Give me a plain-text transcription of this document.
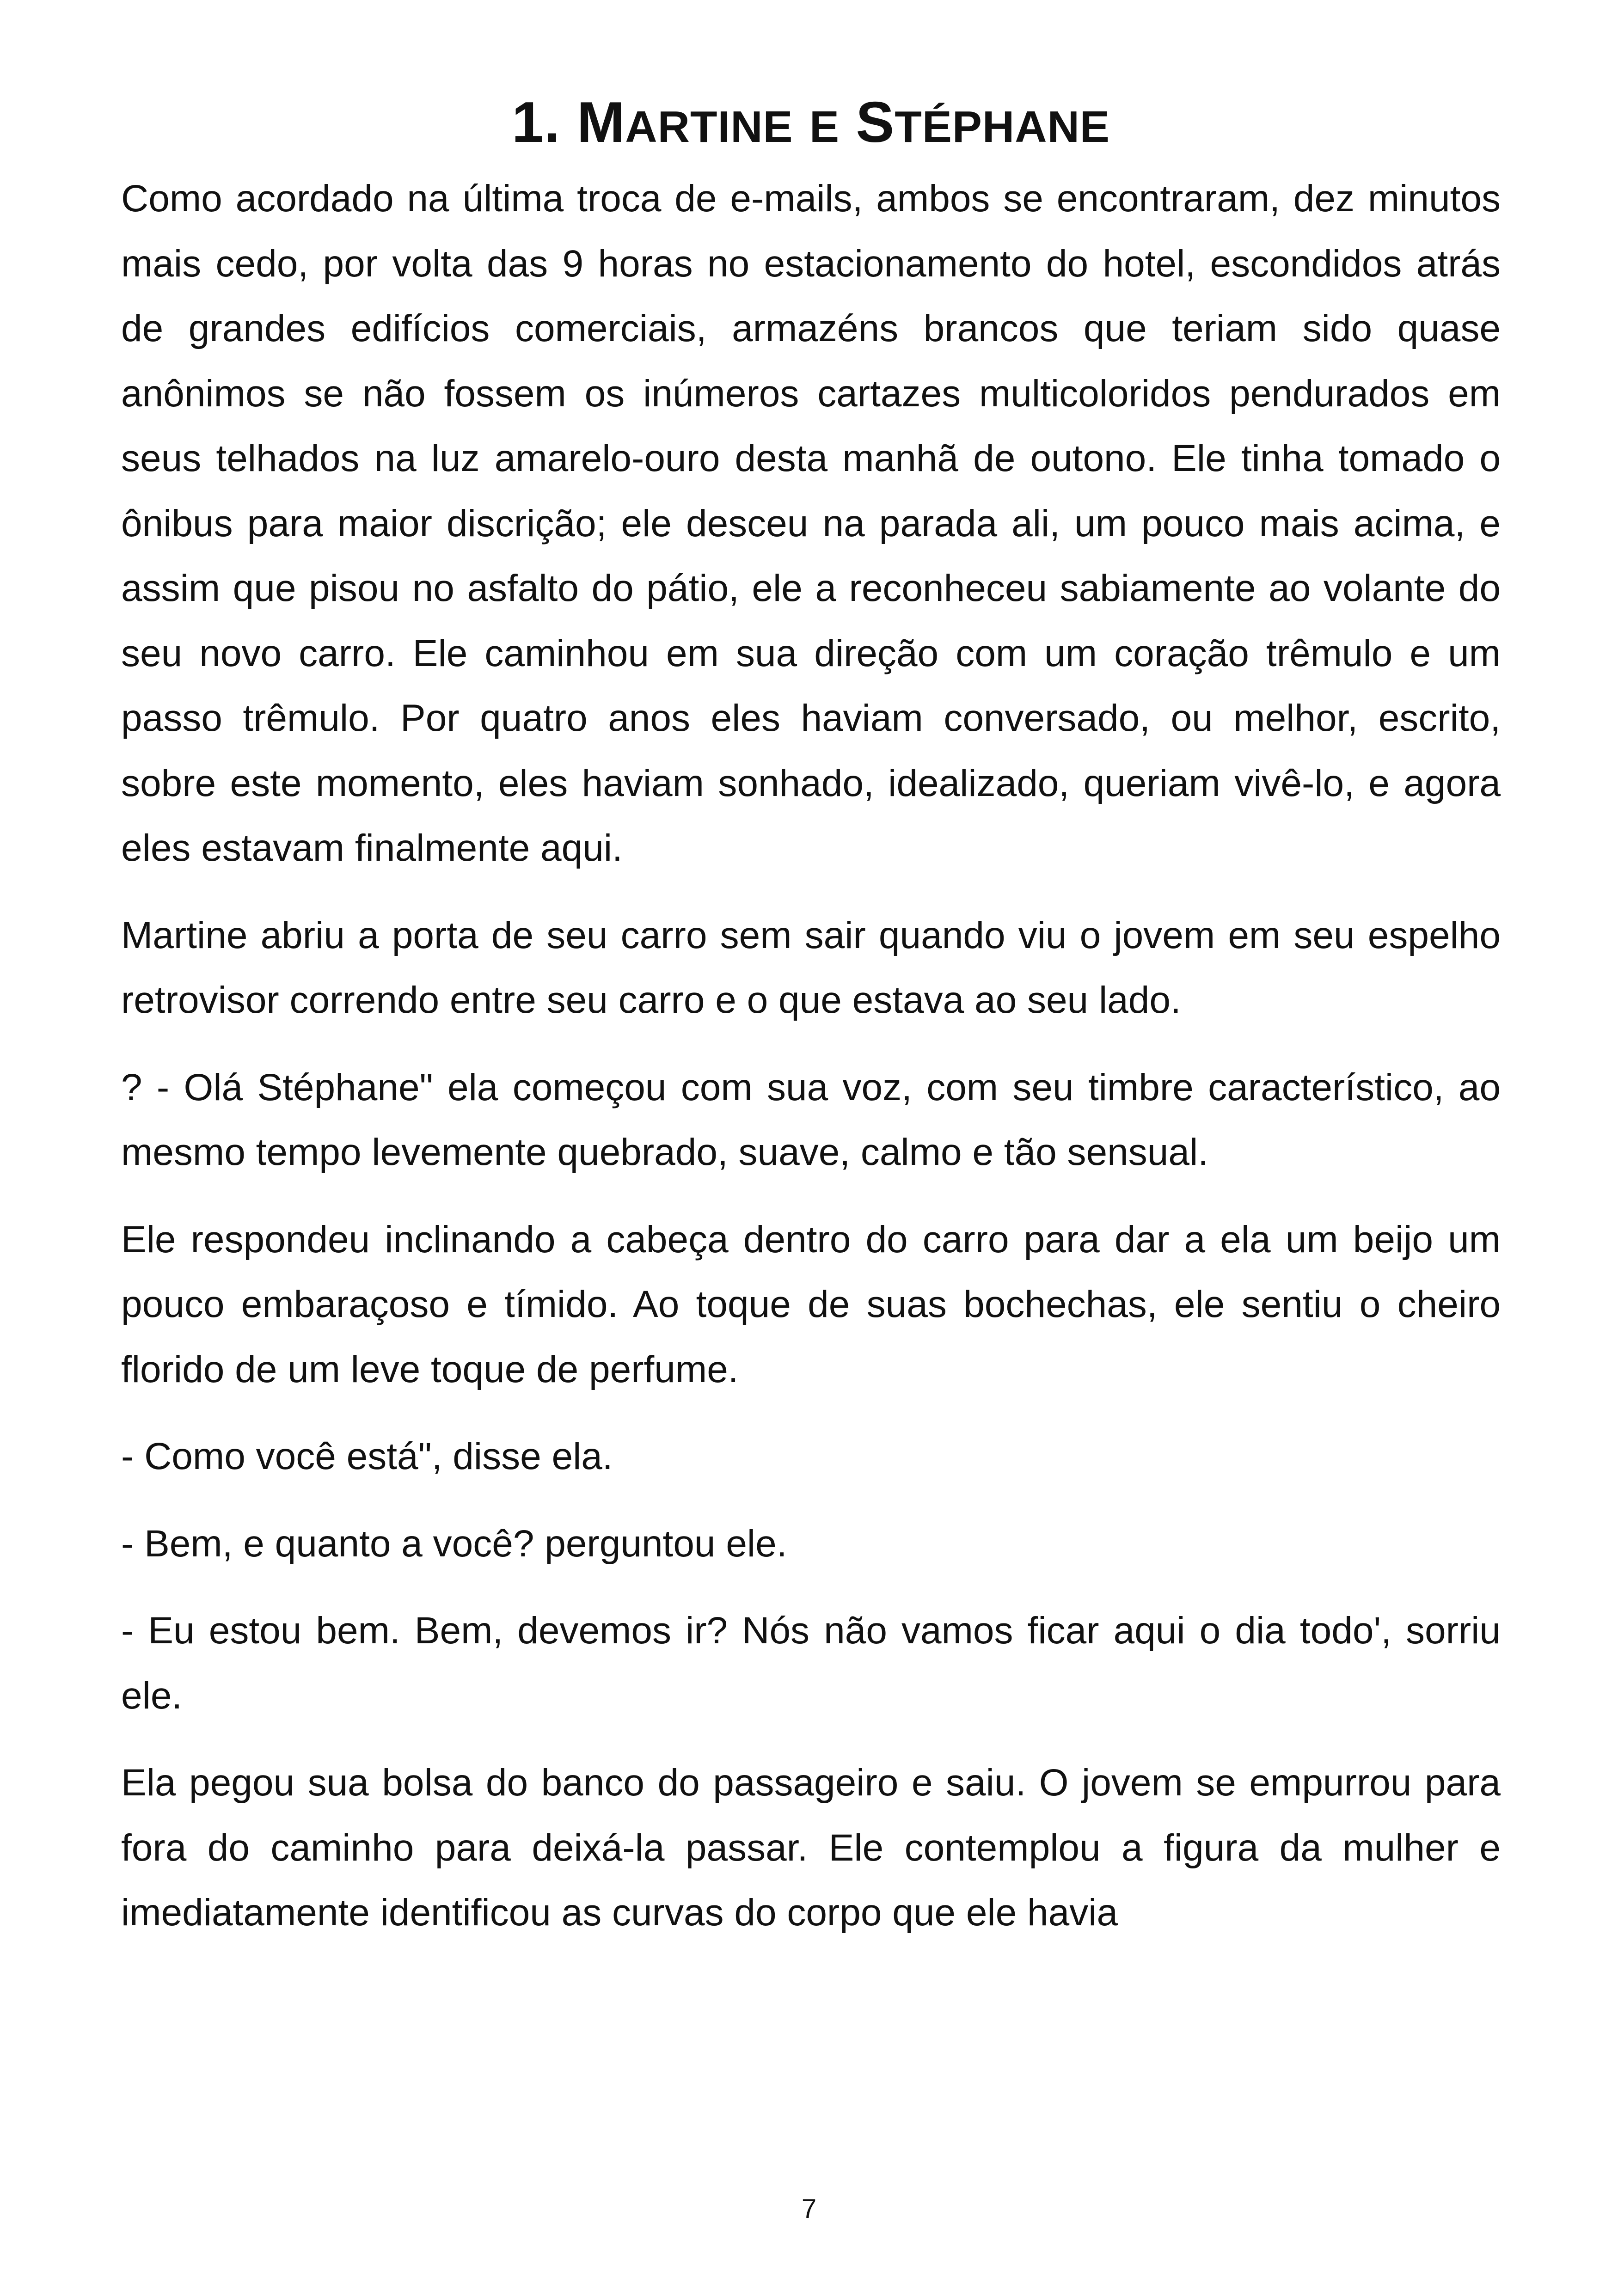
1. MARTINE E STÉPHANE

Como acordado na última troca de e-mails, ambos se encontraram, dez minutos mais cedo, por volta das 9 horas no estacionamento do hotel, escondidos atrás de grandes edifícios comerciais, armazéns brancos que teriam sido quase anônimos se não fossem os inúmeros cartazes multicoloridos pendurados em seus telhados na luz amarelo-ouro desta manhã de outono. Ele tinha tomado o ônibus para maior discrição; ele desceu na parada ali, um pouco mais acima, e assim que pisou no asfalto do pátio, ele a reconheceu sabiamente ao volante do seu novo carro. Ele caminhou em sua direção com um coração trêmulo e um passo trêmulo. Por quatro anos eles haviam conversado, ou melhor, escrito, sobre este momento, eles haviam sonhado, idealizado, queriam vivê-lo, e agora eles estavam finalmente aqui.

Martine abriu a porta de seu carro sem sair quando viu o jovem em seu espelho retrovisor correndo entre seu carro e o que estava ao seu lado.

? - Olá Stéphane" ela começou com sua voz, com seu timbre característico, ao mesmo tempo levemente quebrado, suave, calmo e tão sensual.

Ele respondeu inclinando a cabeça dentro do carro para dar a ela um beijo um pouco embaraçoso e tímido. Ao toque de suas bochechas, ele sentiu o cheiro florido de um leve toque de perfume.

- Como você está", disse ela.

- Bem, e quanto a você? perguntou ele.

- Eu estou bem. Bem, devemos ir? Nós não vamos ficar aqui o dia todo', sorriu ele.

Ela pegou sua bolsa do banco do passageiro e saiu. O jovem se empurrou para fora do caminho para deixá-la passar. Ele contemplou a figura da mulher e imediatamente identificou as curvas do corpo que ele havia

7
